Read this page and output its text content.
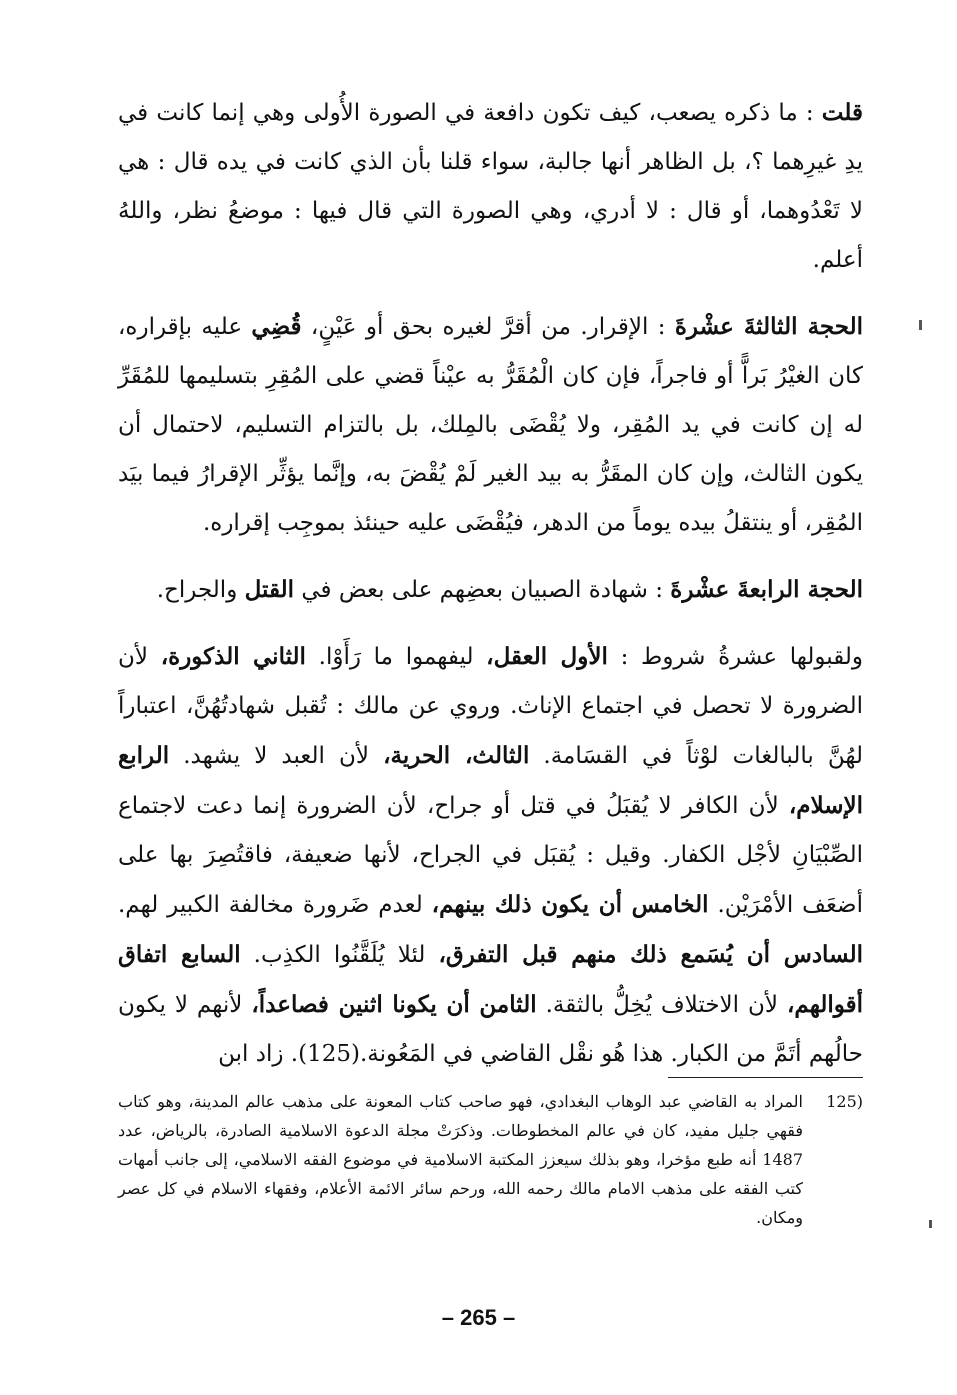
قلت : ما ذكره يصعب، كيف تكون دافعة في الصورة الأُولى وهي إنما كانت في يدِ غيرِهما ؟، بل الظاهر أنها جالبة، سواء قلنا بأن الذي كانت في يده قال : هي لا تَعْدُوهما، أو قال : لا أدري، وهي الصورة التي قال فيها : موضعُ نظر، واللهُ أعلم.

الحجة الثالثةَ عشْرةَ : الإقرار. من أقرَّ لغيره بحق أو عَيْنٍ، قُضِي عليه بإقراره، كان الغيْرُ بَراًّ أو فاجراً، فإن كان الْمُقَرُّ به عيْناً قضي على المُقِرِ بتسليمها للمُقَرِّ له إن كانت في يد المُقِر، ولا يُقْضَى بالمِلك، بل بالتزام التسليم، لاحتمال أن يكون الثالث، وإن كان المقَرُّ به بيد الغير لَمْ يُقْضَ به، وإنَّما يؤثِّر الإقرارُ فيما بيَد المُقِر، أو ينتقلُ بيده يوماً من الدهر، فيُقْضَى عليه حينئذ بموجِب إقراره.

الحجة الرابعةَ عشْرةَ : شهادة الصبيان بعضِهم على بعض في القتل والجراح.

ولقبولها عشرةُ شروط : الأول العقل، ليفهموا ما رَأَوْا. الثاني الذكورة، لأن الضرورة لا تحصل في اجتماع الإناث. وروي عن مالك : تُقبل شهادتُهُنَّ، اعتباراً لهُنَّ بالبالغات لوْثاً في القسَامة. الثالث، الحرية، لأن العبد لا يشهد. الرابع الإسلام، لأن الكافر لا يُقبَلُ في قتل أو جراح، لأن الضرورة إنما دعت لاجتماع الصِّبْيَانِ لأجْل الكفار. وقيل : يُقبَل في الجراح، لأنها ضعيفة، فاقتُصِرَ بها على أضعَف الأمْرَيْن. الخامس أن يكون ذلك بينهم، لعدم ضَرورة مخالفة الكبير لهم. السادس أن يُسَمع ذلك منهم قبل التفرق، لئلا يُلَقَّنُوا الكذِب. السابع اتفاق أقوالهم، لأن الاختلاف يُخِلُّ بالثقة. الثامن أن يكونا اثنين فصاعداً، لأنهم لا يكون حالُهم أتَمَّ من الكبار. هذا هُو نقْل القاضي في المَعُونة.(125). زاد ابن

(125
المراد به القاضي عبد الوهاب البغدادي، فهو صاحب كتاب المعونة على مذهب عالم المدينة، وهو كتاب فقهي جليل مفيد، كان في عالم المخطوطات. وذكرَتْ مجلة الدعوة الاسلامية الصادرة، بالرياض، عدد 1487 أنه طبع مؤخرا، وهو بذلك سيعزز المكتبة الاسلامية في موضوع الفقه الاسلامي، إلى جانب أمهات كتب الفقه على مذهب الامام مالك رحمه الله، ورحم سائر الائمة الأعلام، وفقهاء الاسلام في كل عصر ومكان.
– 265 –
